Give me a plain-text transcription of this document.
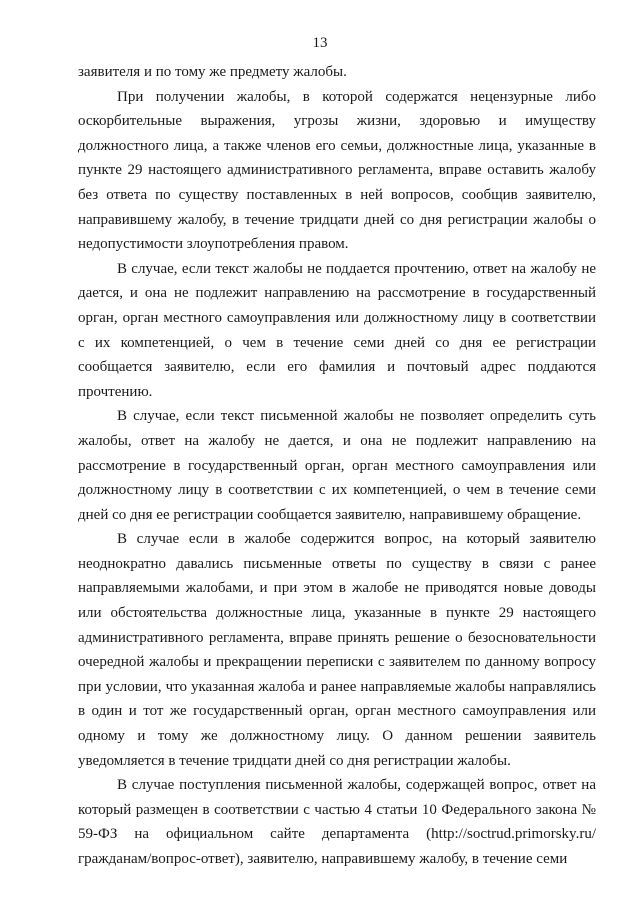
13

заявителя и по тому же предмету жалобы.

При получении жалобы, в которой содержатся нецензурные либо оскорбительные выражения, угрозы жизни, здоровью и имуществу должностного лица, а также членов его семьи, должностные лица, указанные в пункте 29 настоящего административного регламента, вправе оставить жалобу без ответа по существу поставленных в ней вопросов, сообщив заявителю, направившему жалобу, в течение тридцати дней со дня регистрации жалобы о недопустимости злоупотребления правом.

В случае, если текст жалобы не поддается прочтению, ответ на жалобу не дается, и она не подлежит направлению на рассмотрение в государственный орган, орган местного самоуправления или должностному лицу в соответствии с их компетенцией, о чем в течение семи дней со дня ее регистрации сообщается заявителю, если его фамилия и почтовый адрес поддаются прочтению.

В случае, если текст письменной жалобы не позволяет определить суть жалобы, ответ на жалобу не дается, и она не подлежит направлению на рассмотрение в государственный орган, орган местного самоуправления или должностному лицу в соответствии с их компетенцией, о чем в течение семи дней со дня ее регистрации сообщается заявителю, направившему обращение.

В случае если в жалобе содержится вопрос, на который заявителю неоднократно давались письменные ответы по существу в связи с ранее направляемыми жалобами, и при этом в жалобе не приводятся новые доводы или обстоятельства должностные лица, указанные в пункте 29 настоящего административного регламента, вправе принять решение о безосновательности очередной жалобы и прекращении переписки с заявителем по данному вопросу при условии, что указанная жалоба и ранее направляемые жалобы направлялись в один и тот же государственный орган, орган местного самоуправления или одному и тому же должностному лицу. О данном решении заявитель уведомляется в течение тридцати дней со дня регистрации жалобы.

В случае поступления письменной жалобы, содержащей вопрос, ответ на который размещен в соответствии с частью 4 статьи 10 Федерального закона № 59-ФЗ на официальном сайте департамента (http://soctrud.primorsky.ru/гражданам/вопрос-ответ), заявителю, направившему жалобу, в течение семи
